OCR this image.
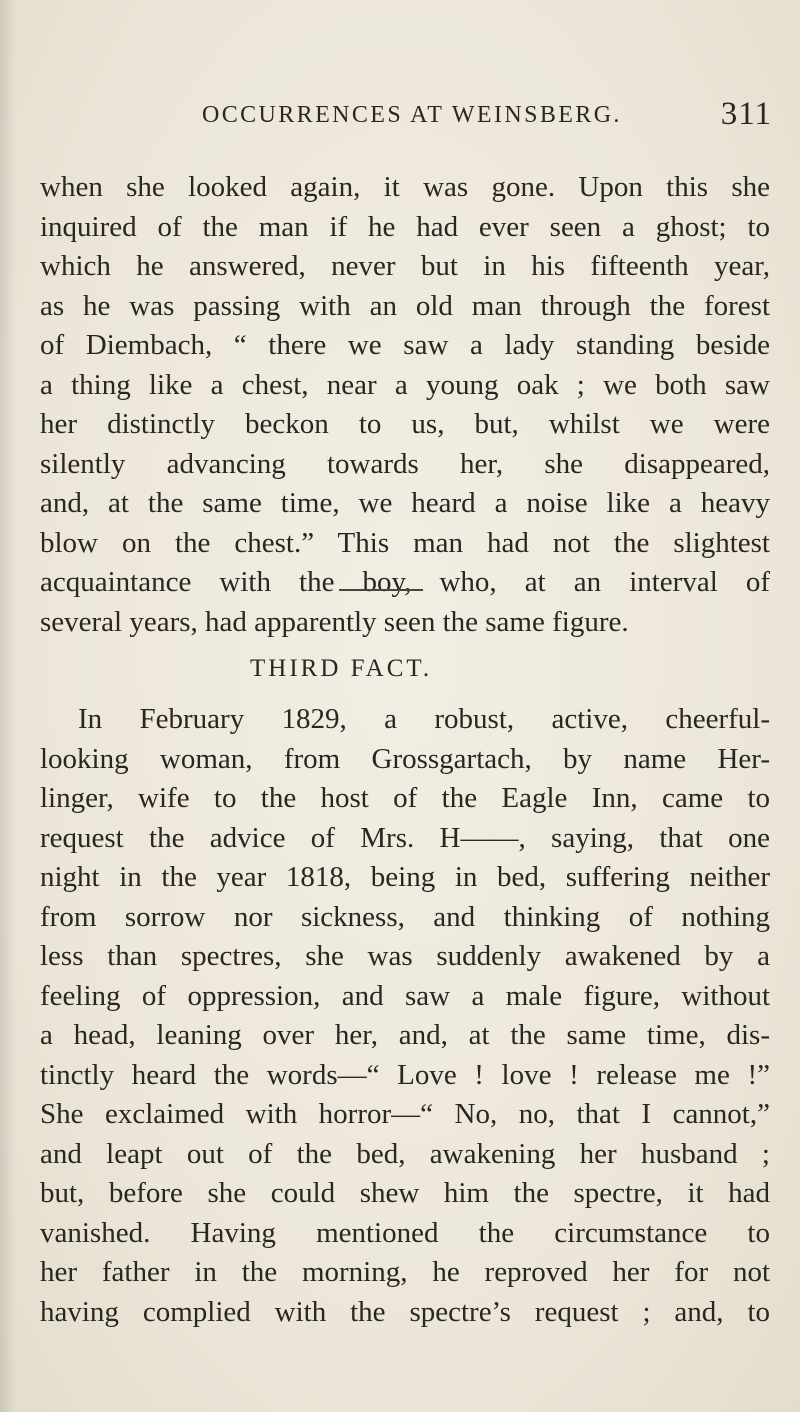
OCCURRENCES AT WEINSBERG.	311
when she looked again, it was gone. Upon this she
inquired of the man if he had ever seen a ghost; to
which he answered, never but in his fifteenth year,
as he was passing with an old man through the forest
of Diembach, “ there we saw a lady standing beside
a thing like a chest, near a young oak ; we both saw
her distinctly beckon to us, but, whilst we were
silently advancing towards her, she disappeared,
and, at the same time, we heard a noise like a heavy
blow on the chest.” This man had not the slightest
acquaintance with the boy, who, at an interval of
several years, had apparently seen the same figure.
THIRD FACT.
In February 1829, a robust, active, cheerful-
looking woman, from Grossgartach, by name Her-
linger, wife to the host of the Eagle Inn, came to
request the advice of Mrs. H——, saying, that one
night in the year 1818, being in bed, suffering neither
from sorrow nor sickness, and thinking of nothing
less than spectres, she was suddenly awakened by a
feeling of oppression, and saw a male figure, without
a head, leaning over her, and, at the same time, dis-
tinctly heard the words—“ Love ! love ! release me !”
She exclaimed with horror—“ No, no, that I cannot,”
and leapt out of the bed, awakening her husband ;
but, before she could shew him the spectre, it had
vanished. Having mentioned the circumstance to
her father in the morning, he reproved her for not
having complied with the spectre’s request ; and, to
